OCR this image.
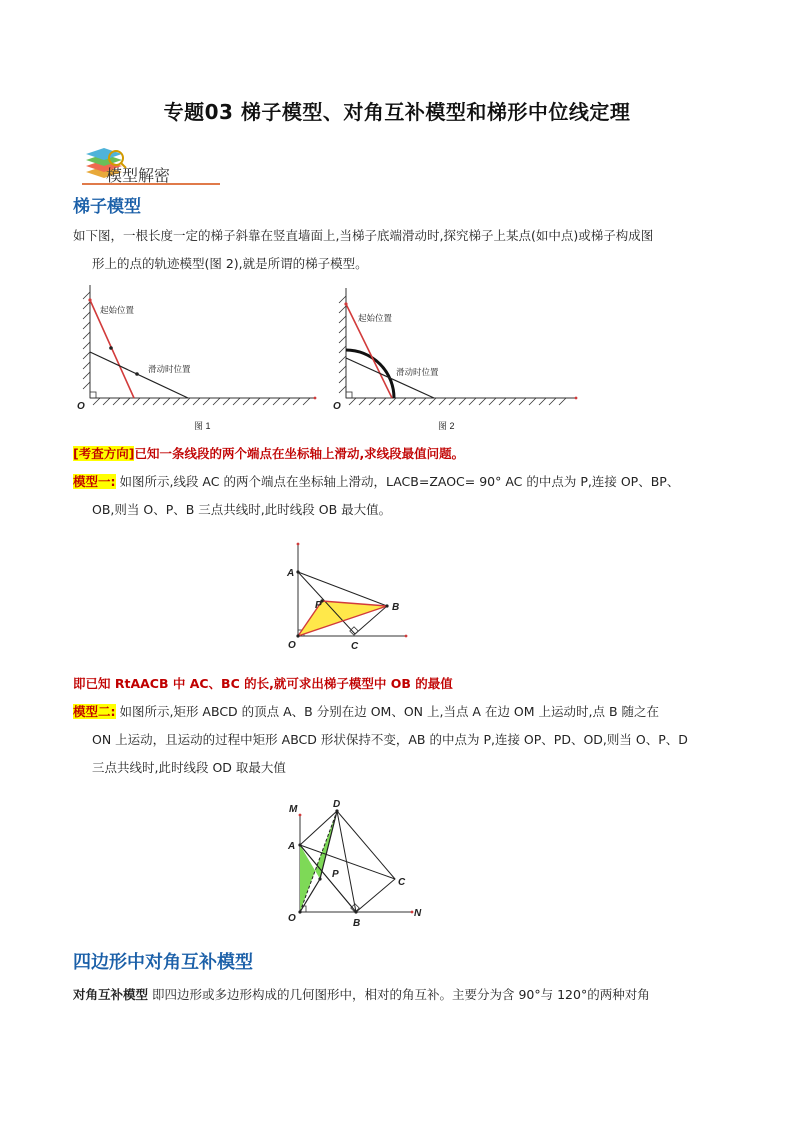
专题03 梯子模型、对角互补模型和梯形中位线定理
模型解密
梯子模型
如下图，一根长度一定的梯子斜靠在竖直墙面上,当梯子底端滑动时,探究梯子上某点(如中点)或梯子构成图
形上的点的轨迹模型(图 2),就是所谓的梯子模型。
起始位置
滑动时位置
O
图 1
起始位置
滑动时位置
O
图 2
[考查方向]已知一条线段的两个端点在坐标轴上滑动,求线段最值问题。
模型一: 如图所示,线段 AC 的两个端点在坐标轴上滑动，LACB=ZAOC= 90° AC 的中点为 P,连接 OP、BP、
OB,则当 O、P、B 三点共线时,此时线段 OB 最大值。
A
P	B
O	C
即已知 RtAACB 中 AC、BC 的长,就可求出梯子模型中 OB 的最值
模型二: 如图所示,矩形 ABCD 的顶点 A、B 分别在边 OM、ON 上,当点 A 在边 OM 上运动时,点 B 随之在
ON 上运动，且运动的过程中矩形 ABCD 形状保持不变，AB 的中点为 P,连接 OP、PD、OD,则当 O、P、D
三点共线时,此时线段 OD 取最大值
M	D
A
P
C
O	B
N
四边形中对角互补模型
对角互补模型 即四边形或多边形构成的几何图形中，相对的角互补。主要分为含 90°与 120°的两种对角
